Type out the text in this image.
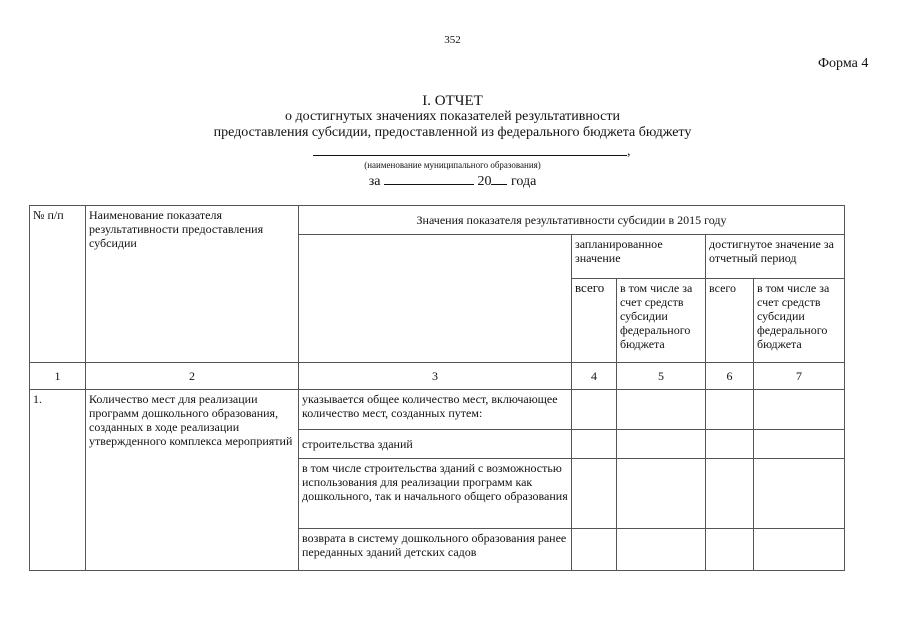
352
Форма 4
I. ОТЧЕТ
о достигнутых значениях показателей результативности
предоставления субсидии, предоставленной из федерального бюджета бюджету
,
(наименование муниципального образования)
за	20 года
№ п/п	Наименование показателя результативности предоставления субсидии	Значения показателя результативности субсидии в 2015 году				
			запланированное значение		достигнутое значение за отчетный период	
			всего	в том числе за счет средств субсидии федерального бюджета	всего	в том числе за счет средств субсидии федерального бюджета
1	2	3	4	5	6	7
1.	Количество мест для реализации программ дошкольного образования, созданных в ходе реализации утвержденного комплекса мероприятий	указывается общее количество мест, включающее количество мест, созданных путем:				
		строительства зданий				
		в том числе строительства зданий с возможностью использования для реализации программ как дошкольного, так и начального общего образования				
		возврата в систему дошкольного образования ранее переданных зданий детских садов				
